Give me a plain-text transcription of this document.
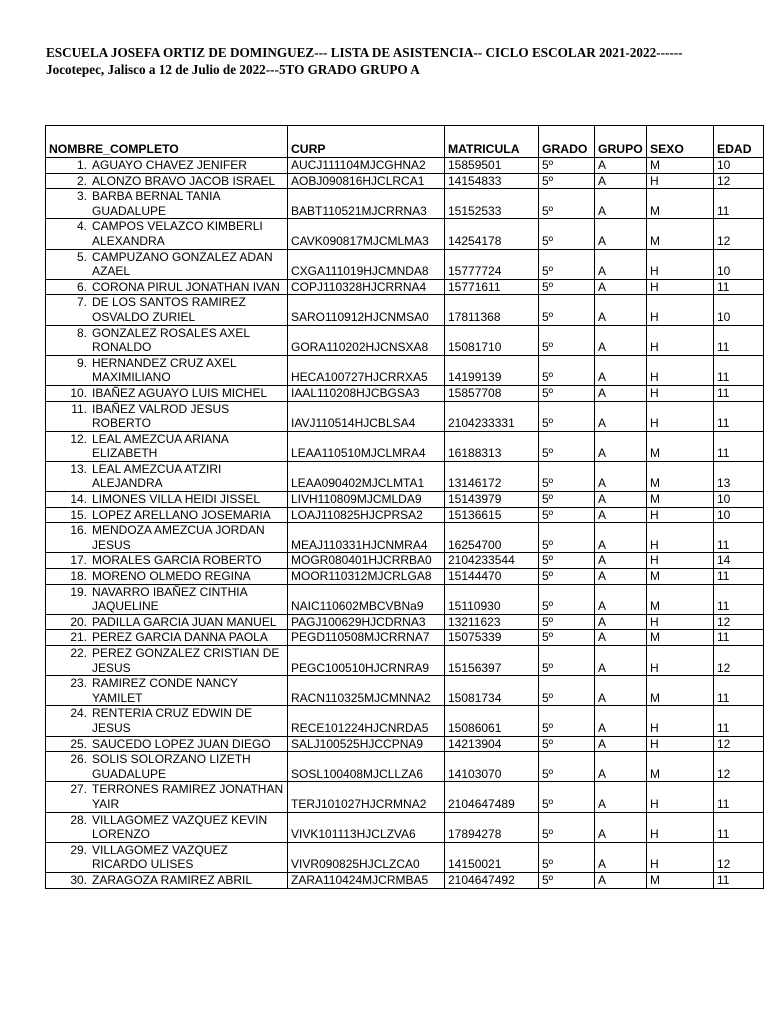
ESCUELA JOSEFA ORTIZ DE DOMINGUEZ--- LISTA DE ASISTENCIA-- CICLO ESCOLAR 2021-2022------
Jocotepec, Jalisco a 12 de Julio de 2022---5TO GRADO GRUPO A
NOMBRE_COMPLETO	CURP	MATRICULA	GRADO	GRUPO	SEXO	EDAD

1. AGUAYO CHAVEZ JENIFER	AUCJ111104MJCGHNA2	15859501	5º	A	M	10

2. ALONZO BRAVO JACOB ISRAEL	AOBJ090816HJCLRCA1	14154833	5º	A	H	12

3. BARBA BERNAL TANIA GUADALUPE	BABT110521MJCRRNA3	15152533	5º	A	M	11

4. CAMPOS VELAZCO KIMBERLI ALEXANDRA	CAVK090817MJCMLMA3	14254178	5º	A	M	12

5. CAMPUZANO GONZALEZ ADAN AZAEL	CXGA111019HJCMNDA8	15777724	5º	A	H	10

6. CORONA PIRUL JONATHAN IVAN	COPJ110328HJCRRNA4	15771611	5º	A	H	11

7. DE LOS SANTOS RAMIREZ OSVALDO ZURIEL	SARO110912HJCNMSA0	17811368	5º	A	H	10

8. GONZALEZ ROSALES AXEL RONALDO	GORA110202HJCNSXA8	15081710	5º	A	H	11

9. HERNANDEZ CRUZ AXEL MAXIMILIANO	HECA100727HJCRRXA5	14199139	5º	A	H	11

10. IBAÑEZ AGUAYO LUIS MICHEL	IAAL110208HJCBGSA3	15857708	5º	A	H	11

11. IBAÑEZ VALROD JESUS ROBERTO	IAVJ110514HJCBLSA4	2104233331	5º	A	H	11

12. LEAL AMEZCUA ARIANA ELIZABETH	LEAA110510MJCLMRA4	16188313	5º	A	M	11

13. LEAL AMEZCUA ATZIRI ALEJANDRA	LEAA090402MJCLMTA1	13146172	5º	A	M	13

14. LIMONES VILLA HEIDI JISSEL	LIVH110809MJCMLDA9	15143979	5º	A	M	10

15. LOPEZ ARELLANO JOSEMARIA	LOAJ110825HJCPRSA2	15136615	5º	A	H	10

16. MENDOZA AMEZCUA JORDAN JESUS	MEAJ110331HJCNMRA4	16254700	5º	A	H	11

17. MORALES GARCIA ROBERTO	MOGR080401HJCRRBA0	2104233544	5º	A	H	14

18. MORENO OLMEDO REGINA	MOOR110312MJCRLGA8	15144470	5º	A	M	11

19. NAVARRO IBAÑEZ CINTHIA JAQUELINE	NAIC110602MBCVBNa9	15110930	5º	A	M	11

20. PADILLA GARCIA JUAN MANUEL	PAGJ100629HJCDRNA3	13211623	5º	A	H	12

21. PEREZ GARCIA DANNA PAOLA	PEGD110508MJCRRNA7	15075339	5º	A	M	11

22. PEREZ GONZALEZ CRISTIAN DE JESUS	PEGC100510HJCRNRA9	15156397	5º	A	H	12

23. RAMIREZ CONDE NANCY YAMILET	RACN110325MJCMNNA2	15081734	5º	A	M	11

24. RENTERIA CRUZ EDWIN DE JESUS	RECE101224HJCNRDA5	15086061	5º	A	H	11

25. SAUCEDO LOPEZ JUAN DIEGO	SALJ100525HJCCPNA9	14213904	5º	A	H	12

26. SOLIS SOLORZANO LIZETH GUADALUPE	SOSL100408MJCLLZA6	14103070	5º	A	M	12

27. TERRONES RAMIREZ JONATHAN YAIR	TERJ101027HJCRMNA2	2104647489	5º	A	H	11

28. VILLAGOMEZ VAZQUEZ KEVIN LORENZO	VIVK101113HJCLZVA6	17894278	5º	A	H	11

29. VILLAGOMEZ VAZQUEZ RICARDO ULISES	VIVR090825HJCLZCA0	14150021	5º	A	H	12

30. ZARAGOZA RAMIREZ ABRIL	ZARA110424MJCRMBA5	2104647492	5º	A	M	11
